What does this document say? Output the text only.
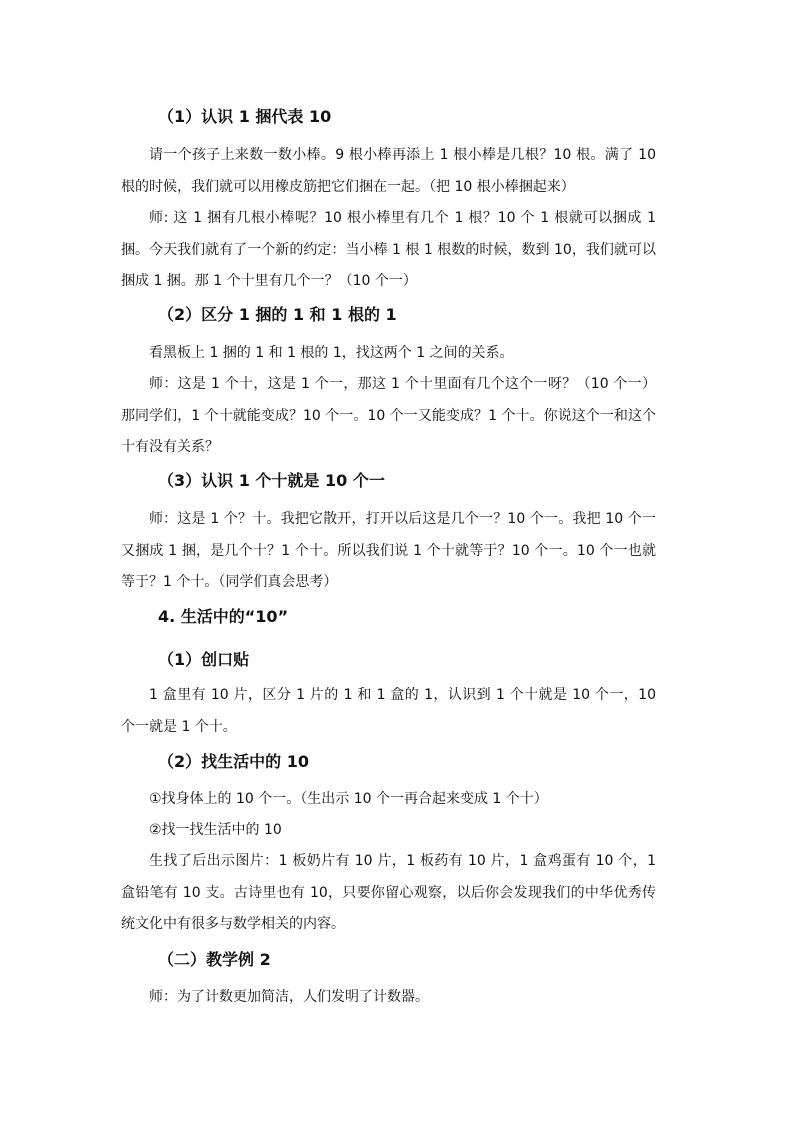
（1）认识 1 捆代表 10

请一个孩子上来数一数小棒。9 根小棒再添上 1 根小棒是几根？10 根。满了 10 根的时候，我们就可以用橡皮筋把它们捆在一起。（把 10 根小棒捆起来）

师: 这 1 捆有几根小棒呢？10 根小棒里有几个 1 根？10 个 1 根就可以捆成 1 捆。今天我们就有了一个新的约定：当小棒 1 根 1 根数的时候，数到 10，我们就可以捆成 1 捆。那 1 个十里有几个一？（10 个一）

（2）区分 1 捆的 1 和 1 根的 1

看黑板上 1 捆的 1 和 1 根的 1，找这两个 1 之间的关系。

师：这是 1 个十，这是 1 个一，那这 1 个十里面有几个这个一呀？（10 个一）那同学们，1 个十就能变成？10 个一。10 个一又能变成？1 个十。你说这个一和这个十有没有关系？

（3）认识 1 个十就是 10 个一

师：这是 1 个？十。我把它散开，打开以后这是几个一？10 个一。我把 10 个一又捆成 1 捆，是几个十？1 个十。所以我们说 1 个十就等于？10 个一。10 个一也就等于？1 个十。（同学们真会思考）

4. 生活中的“10”
（1）创口贴

1 盒里有 10 片，区分 1 片的 1 和 1 盒的 1，认识到 1 个十就是 10 个一，10 个一就是 1 个十。

（2）找生活中的 10

①找身体上的 10 个一。（生出示 10 个一再合起来变成 1 个十）

②找一找生活中的 10

生找了后出示图片：1 板奶片有 10 片，1 板药有 10 片，1 盒鸡蛋有 10 个，1 盒铅笔有 10 支。古诗里也有 10，只要你留心观察，以后你会发现我们的中华优秀传统文化中有很多与数学相关的内容。

（二）教学例 2

师：为了计数更加简洁，人们发明了计数器。
